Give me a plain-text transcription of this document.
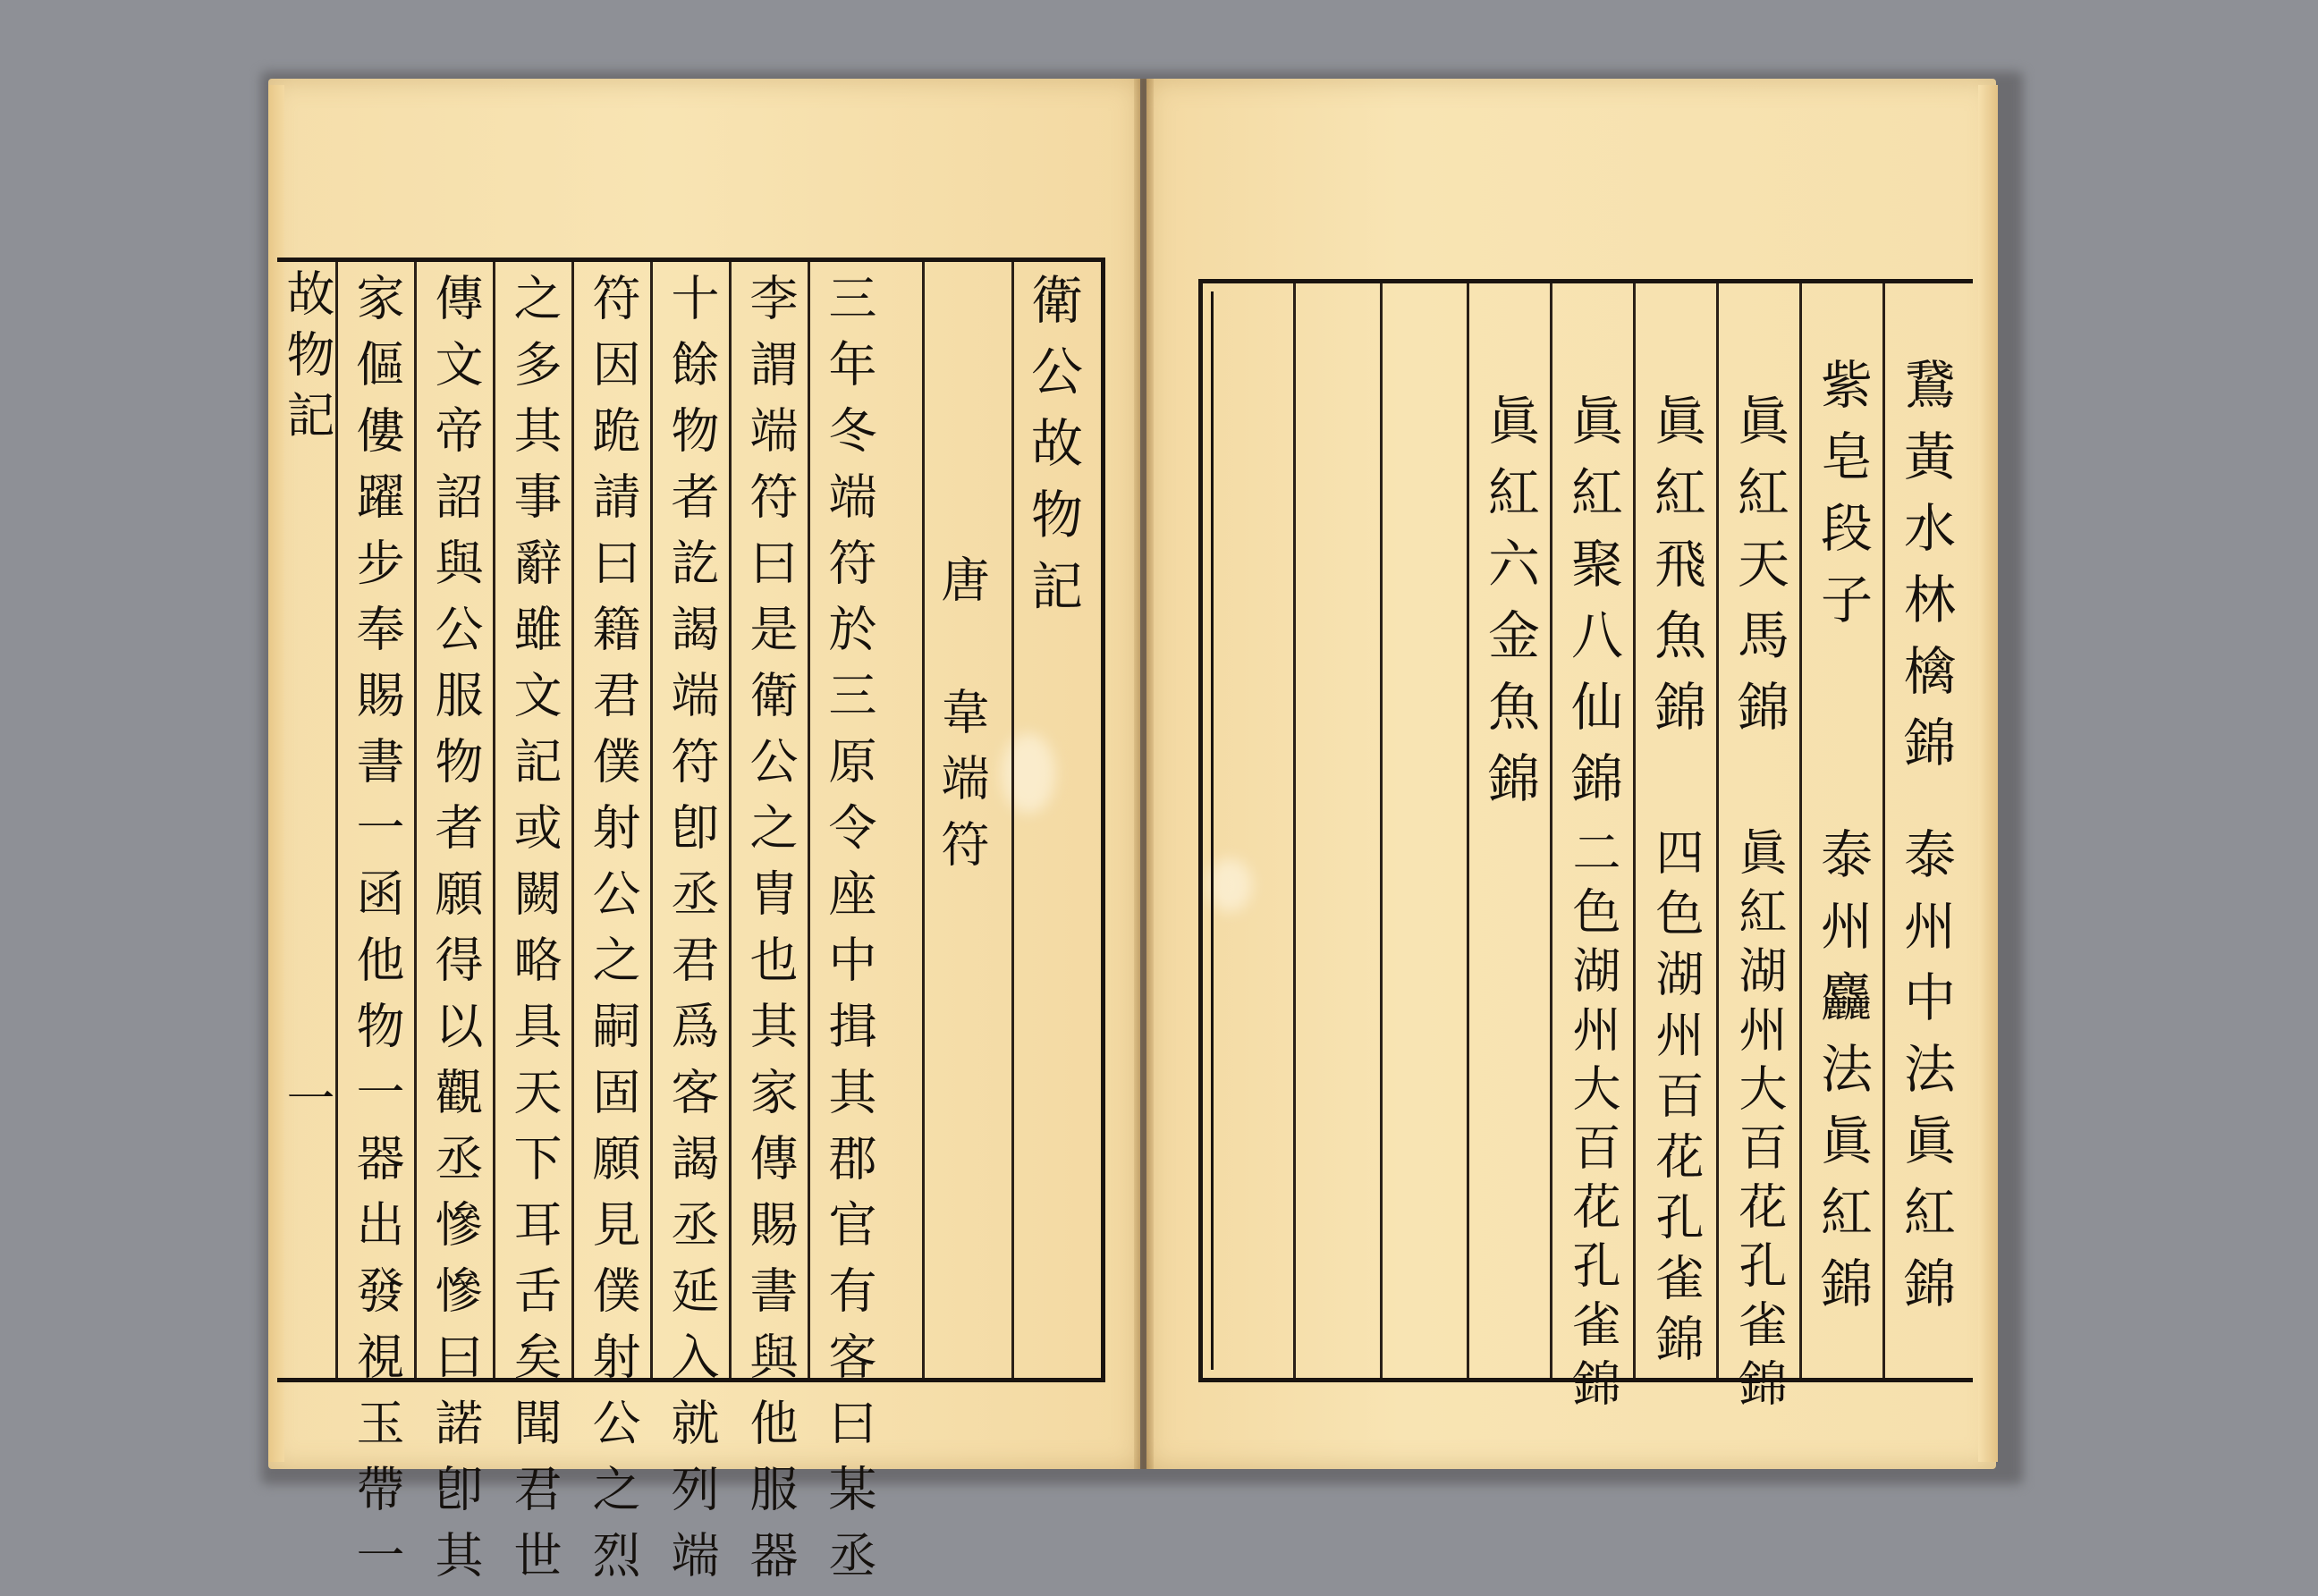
故物記
一
衛公故物記
唐　韋端符
三年冬端符於三原令座中揖其郡官有客曰某丞
李謂端符曰是衛公之胄也其家傳賜書與他服器
十餘物者訖謁端符卽丞君爲客謁丞延入就列端
符因跪請曰籍君僕射公之嗣固願見僕射公之烈
之多其事辭雖文記或闕略具天下耳舌矣聞君世
傳文帝詔與公服物者願得以觀丞慘慘曰諾卽其
家傴僂躍步奉賜書一函他物一器出發視玉帶一	鵞黃水林檎錦
泰州中法眞紅錦
紫皂段子
泰州麤法眞紅錦
眞紅天馬錦
眞紅湖州大百花孔雀錦
眞紅飛魚錦
四色湖州百花孔雀錦
眞紅聚八仙錦
二色湖州大百花孔雀錦
眞紅六金魚錦
